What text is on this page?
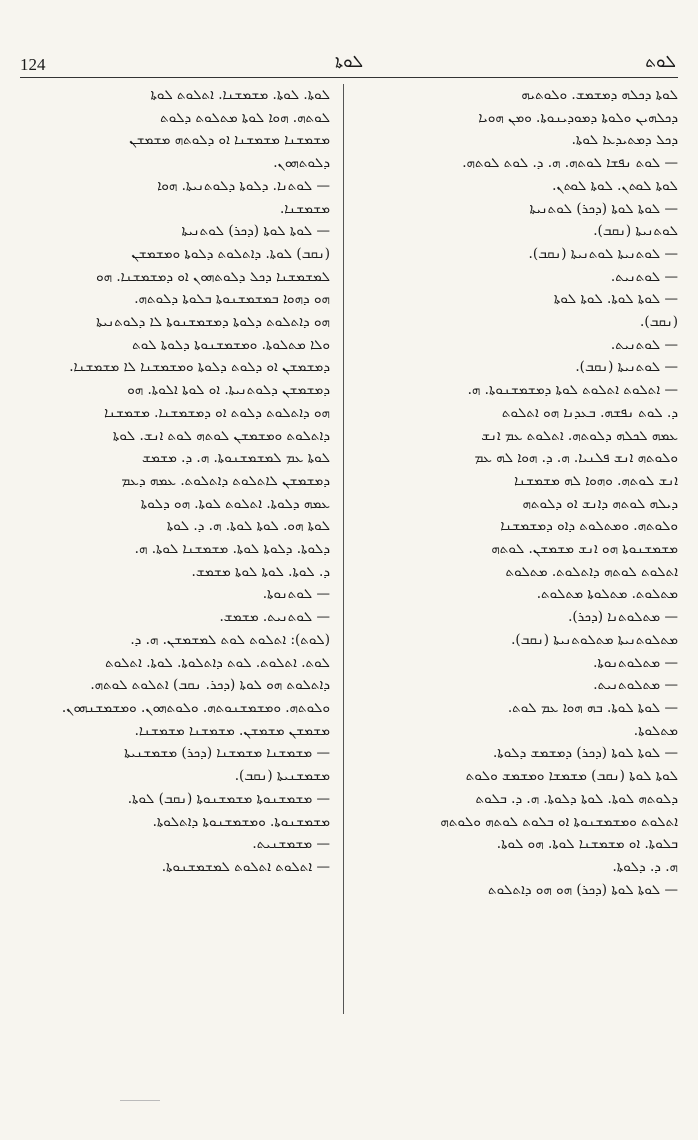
124	ܠܘܬܐ	ܠܘܬ
ܠܘܬܐ ܕܟܠܗ ܕܡܫܡܫ. ܘܠܘܬܝܗ
ܕܟܠܗܝܢ ܘܠܘܬܐ ܕܡܘܕܝܢܘܬܐ. ܘܡܢ ܗܘܝܐ
ܕܟܠ ܕܡܬܝܕܥܐ ܠܘܬܐ.
— ܠܘܬ ܢܦܫܐ ܠܘܬܗ. ܗ. ܕ. ܠܘܬ ܠܘܬܗ.
ܠܘܬܐ ܠܘܬܢ. ܠܘܬܐ ܠܘܬܢ.
— ܠܘܬܐ ܠܘܬܐ (ܕܟܪ) ܠܘܬܢܝܬܐ
ܠܘܬܢܝܬܐ (ܢܩܒ).
— ܠܘܬܢܝܬܐ ܠܘܬܢܝܬܐ (ܢܩܒ).
— ܠܘܬܢܝܬ.
— ܠܘܬܐ ܠܘܬܐ. ܠܘܬܐ ܠܘܬܐ
(ܢܩܒ).
— ܠܘܬܢܝܬ.
— ܠܘܬܢܝܬܐ (ܢܩܒ).
— ܐܬܠܘܬ ܐܬܠܘܬ ܠܘܬܐ ܕܡܫܡܫܢܘܬܐ. ܗ.
ܕ. ܠܘܬ ܢܦܫܗ. ܒܥܕܢܐ ܗܘ ܐܬܠܘܬ
ܥܡܗ ܠܟܠܗ ܕܠܘܬܗ. ܐܬܠܘܬ ܥܡ ܐܢܫ
ܘܠܘܬܗ ܐܢܫ ܦܠܢܝܐ. ܗ. ܕ. ܗܘܐ ܠܗ ܥܡ
ܐܢܫ ܠܘܬܗ. ܘܗܘܐ ܠܗ ܡܫܡܫܢܐ
ܕܝܠܗ ܠܘܬܗ ܕܐܢܫ ܐܘ ܕܠܘܬܗ
ܘܠܘܬܗ. ܘܡܬܠܘܬ ܕܐܘ ܕܡܫܡܫܢܐ
ܡܫܡܫܢܘܬܐ ܗܘ ܐܢܫ ܡܫܡܫܢ. ܠܘܬܗ
ܐܬܠܘܬ ܠܘܬܗ ܕܐܬܠܘܬ. ܡܬܠܘܬ
ܡܬܠܘܬ. ܡܬܠܘܬܐ ܡܬܠܘܬ.
— ܡܬܠܘܬܢܐ (ܕܟܪ).
ܡܬܠܘܬܢܝܬܐ ܡܬܠܘܬܢܝܬܐ (ܢܩܒ).
— ܡܬܠܘܬܢܘܬܐ.
— ܡܬܠܘܬܢܝܬ.
— ܠܘܬܐ ܠܘܬܐ. ܒܗ ܗܘܐ ܥܡ ܠܘܬ.
ܡܬܠܘܬܐ.
— ܠܘܬܐ ܠܘܬܐ (ܕܟܪ) ܕܡܫܡܫ ܕܠܘܬܐ.
ܠܘܬܐ ܠܘܬܐ (ܢܩܒ) ܡܫܡܫܐ ܘܡܫܡܫ ܘܠܘܬ
ܕܠܘܬܗ ܠܘܬܐ. ܠܘܬܐ ܕܠܘܬܐ. ܗ. ܕ. ܒܠܘܬ
ܐܬܠܘܬ ܘܡܫܡܫܢܘܬܐ ܐܘ ܒܠܘܬ ܠܘܬܗ ܘܠܘܬܗ
ܒܠܘܬܐ. ܐܘ ܡܫܡܫܢܐ ܠܘܬܐ. ܗܘ ܠܘܬܐ.
ܗ. ܕ. ܕܠܘܬܐ.
— ܠܘܬܐ ܠܘܬܐ (ܕܟܪ) ܗܘ ܗܘ ܕܐܬܠܘܬ
ܠܘܬܐ. ܠܘܬܐ. ܡܫܡܫܢܐ. ܐܬܠܘܬ ܠܘܬܐ
ܠܘܬܗ. ܗܘܐ ܠܘܬܐ ܡܬܠܘܬ ܕܠܘܬ
ܡܫܡܫܢܐ ܡܫܡܫܢܐ ܐܘ ܕܠܘܬܗ ܡܫܡܫܢ
ܕܠܘܬܗܘܢ.
— ܠܘܬܢܐ. ܕܠܘܬܐ ܕܠܘܬܢܝܬܐ. ܗܘܐ
ܡܫܡܫܢܐ.
— ܠܘܬܐ ܠܘܬܐ (ܕܟܪ) ܠܘܬܢܝܬܐ
(ܢܩܒ) ܠܘܬܐ. ܕܐܬܠܘܬ ܕܠܘܬܐ ܘܡܫܡܫܢ
ܠܡܫܡܫܢܐ ܕܟܠ ܕܠܘܬܗܘܢ ܐܘ ܕܡܫܡܫܢܐ. ܗܘ
ܗܘ ܕܗܘܐ ܒܡܫܡܫܢܘܬܐ ܒܠܘܬܐ ܕܠܘܬܗ.
ܗܘ ܕܐܬܠܘܬ ܕܠܘܬܐ ܕܡܫܡܫܢܘܬܐ ܠܐ ܕܠܘܬܢܝܬܐ
ܘܠܐ ܡܬܠܘܬܐ. ܘܡܫܡܫܢܘܬܐ ܕܠܘܬܐ ܠܘܬ
ܕܡܫܡܫܢ ܐܘ ܕܠܘܬ ܕܠܘܬܐ ܘܡܫܡܫܢܐ ܠܐ ܡܫܡܫܢܐ.
ܕܡܫܡܫܢ ܕܠܘܬܢܝܬܐ. ܐܘ ܠܘܬܐ ܐܠܘܬܐ. ܗܘ
ܗܘ ܕܐܬܠܘܬ ܕܠܘܬ ܐܘ ܕܡܫܡܫܢܐ. ܡܫܡܫܢܐ
ܕܐܬܠܘܬ ܘܡܫܡܫܢ ܠܘܬܗ ܠܘܬ ܐܢܫ. ܠܘܬܐ
ܠܘܬܐ ܥܡ ܠܡܫܡܫܢܘܬܐ. ܗ. ܕ. ܡܫܡܫ
ܕܡܫܡܫܢ ܠܐܬܠܘܬ ܕܐܬܠܘܬ. ܥܡܗ ܕܥܡ
ܥܡܗ ܕܠܘܬܐ. ܐܬܠܘܬ ܠܘܬܐ. ܗܘ ܕܠܘܬܐ
ܠܘܬܐ ܗܘ. ܠܘܬܐ ܠܘܬܐ. ܗ. ܕ. ܠܘܬܐ
ܕܠܘܬܐ. ܕܠܘܬܐ ܠܘܬܐ. ܡܫܡܫܢܐ ܠܘܬܐ. ܗ.
ܕ. ܠܘܬܐ. ܠܘܬܐ ܠܘܬܐ ܡܫܡܫ.
— ܠܘܬܢܘܬܐ.
— ܠܘܬܢܝܬ. ܡܫܡܫ.
(ܠܘܬ): ܐܬܠܘܬ ܠܘܬ ܠܡܫܡܫܢ. ܗ. ܕ.
ܠܘܬ. ܐܬܠܘܬ. ܠܘܬ ܕܐܬܠܘܬܐ. ܠܘܬܐ. ܐܬܠܘܬ
ܕܐܬܠܘܬ ܗܘ ܠܘܬܐ (ܕܟܪ. ܢܩܒ) ܐܬܠܘܬ ܠܘܬܗ.
ܘܠܘܬܗ. ܘܡܫܡܫܢܘܬܗ. ܘܠܘܬܗܘܢ. ܘܡܫܡܫܢܗܘܢ.
ܡܫܡܫܢ ܡܫܡܫܢ. ܡܫܡܫܢܐ ܡܫܡܫܢܐ.
— ܡܫܡܫܢܐ ܡܫܡܫܢܐ (ܕܟܪ) ܡܫܡܫܢܝܬܐ
ܡܫܡܫܢܝܬܐ (ܢܩܒ).
— ܡܫܡܫܢܘܬܐ ܡܫܡܫܢܘܬܐ (ܢܩܒ) ܠܘܬܐ.
ܡܫܡܫܢܘܬܐ. ܘܡܫܡܫܢܘܬܐ ܕܐܬܠܘܬܐ.
— ܡܫܡܫܢܝܬ.
— ܐܬܠܘܬ ܐܬܠܘܬ ܠܡܫܡܫܢܘܬܐ.
